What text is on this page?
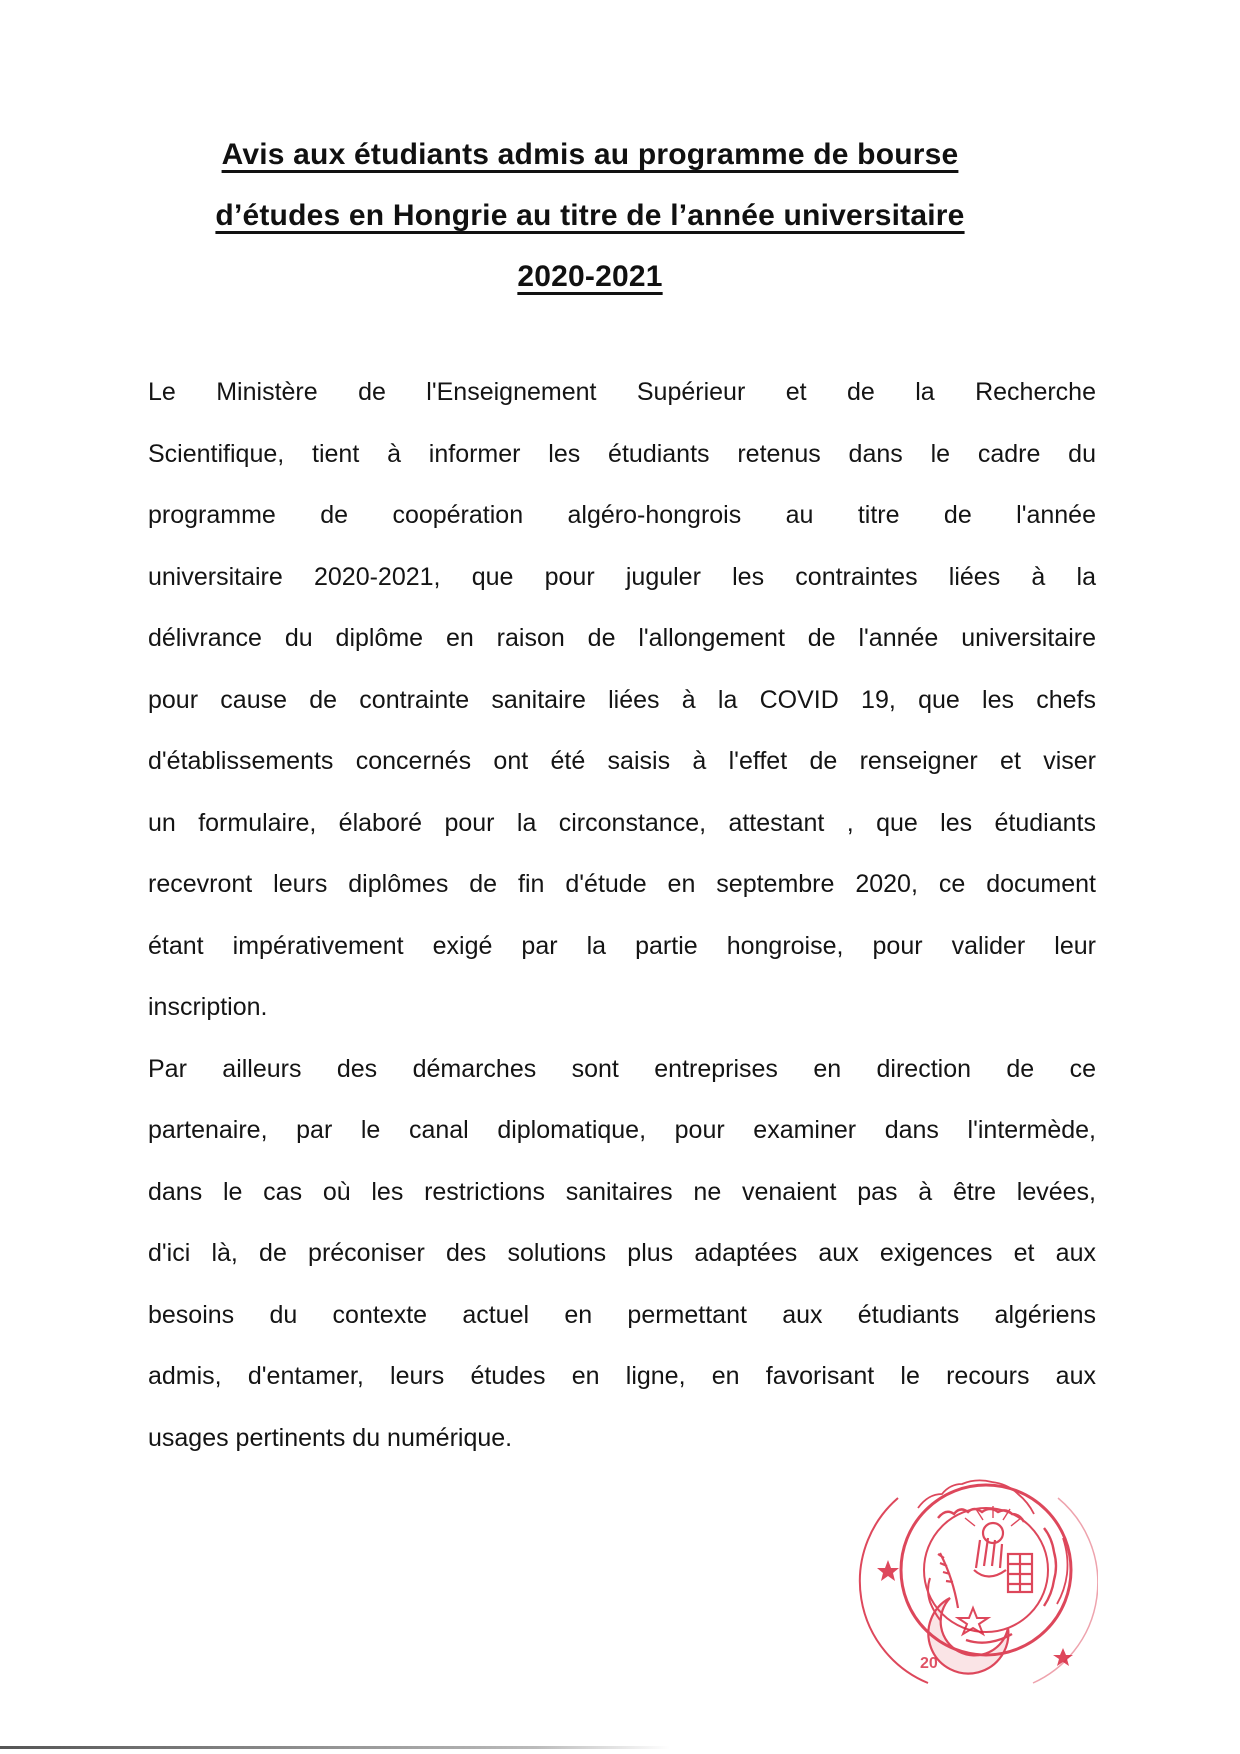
Avis aux étudiants admis au programme de bourse
d’études en Hongrie au titre de l’année universitaire
2020-2021

Le Ministère de l'Enseignement Supérieur et de la Recherche
Scientifique, tient à informer les étudiants retenus dans le cadre du
programme de coopération algéro-hongrois au titre de l'année
universitaire 2020-2021, que pour juguler les contraintes liées à la
délivrance du diplôme en raison de l'allongement de l'année universitaire
pour cause de contrainte sanitaire liées à la COVID 19, que les chefs
d'établissements concernés ont été saisis à l'effet de renseigner et viser
un formulaire, élaboré pour la circonstance, attestant , que les étudiants
recevront leurs diplômes de fin d'étude en septembre 2020, ce document
étant impérativement exigé par la partie hongroise, pour valider leur
inscription.

Par ailleurs des démarches sont entreprises en direction de ce
partenaire, par le canal diplomatique, pour examiner dans l'intermède,
dans le cas où les restrictions sanitaires ne venaient pas à être levées,
d'ici là, de préconiser des solutions plus adaptées aux exigences et aux
besoins du contexte actuel en permettant aux étudiants algériens
admis, d'entamer, leurs études en ligne, en favorisant le recours aux
usages pertinents du numérique.

20
